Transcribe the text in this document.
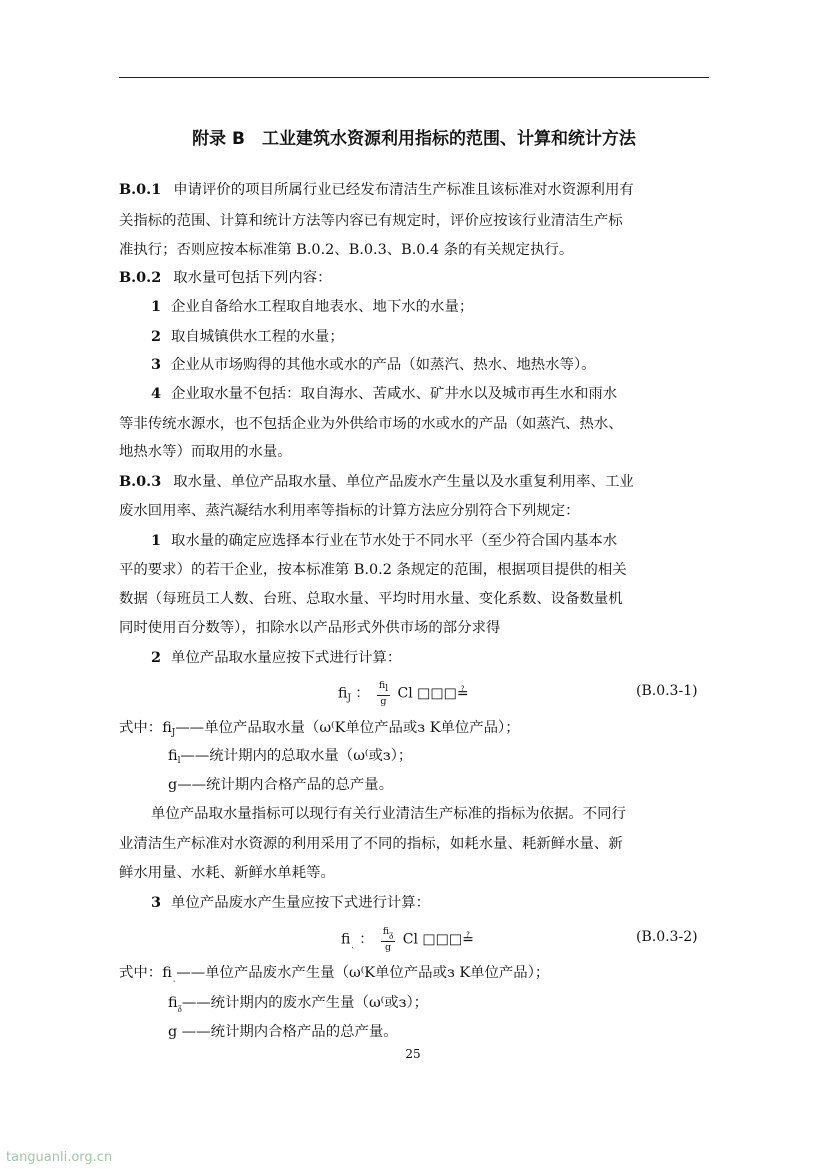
附录 B　工业建筑水资源利用指标的范围、计算和统计方法
B.0.1 申请评价的项目所属行业已经发布清洁生产标准且该标准对水资源利用有
关指标的范围、计算和统计方法等内容已有规定时，评价应按该行业清洁生产标
准执行；否则应按本标准第 B.0.2、B.0.3、B.0.4 条的有关规定执行。
B.0.2 取水量可包括下列内容：
1 企业自备给水工程取自地表水、地下水的水量；
2 取自城镇供水工程的水量；
3 企业从市场购得的其他水或水的产品（如蒸汽、热水、地热水等）。
4 企业取水量不包括：取自海水、苦咸水、矿井水以及城市再生水和雨水
等非传统水源水，也不包括企业为外供给市场的水或水的产品（如蒸汽、热水、
地热水等）而取用的水量。
B.0.3 取水量、单位产品取水量、单位产品废水产生量以及水重复利用率、工业
废水回用率、蒸汽凝结水利用率等指标的计算方法应分别符合下列规定：
1 取水量的确定应选择本行业在节水处于不同水平（至少符合国内基本水
平的要求）的若干企业，按本标准第 B.0.2 条规定的范围，根据项目提供的相关
数据（每班员工人数、台班、总取水量、平均时用水量、变化系数、设备数量机
同时使用百分数等），扣除水以产品形式外供市场的部分求得
2 单位产品取水量应按下式进行计算：
$fi_J$ ： $\frac{\text{fil}}{g}$ Cl □□□≟	(B.0.3-1)
式中：$fi_J——$单位产品取水量（ω⁽K单位产品或з K单位产品）；
$fi_l——$统计期内的总取水量（ω⁽或з）；
g——统计期内合格产品的总产量。
单位产品取水量指标可以现行有关行业清洁生产标准的指标为依据。不同行
业清洁生产标准对水资源的利用采用了不同的指标，如耗水量、耗新鲜水量、新
鲜水用量、水耗、新鲜水单耗等。
3 单位产品废水产生量应按下式进行计算：
$fi_ͺ$ ： $\frac{\text{fiᵹ}}{g}$ Cl □□□≟	(B.0.3-2)
式中：$fi_ͺ——$单位产品废水产生量（ω⁽K单位产品或з K单位产品）；
$fi_ᵹ——$统计期内的废水产生量（ω⁽或з）；
g ——统计期内合格产品的总产量。
25
tanguanli.org.cn
